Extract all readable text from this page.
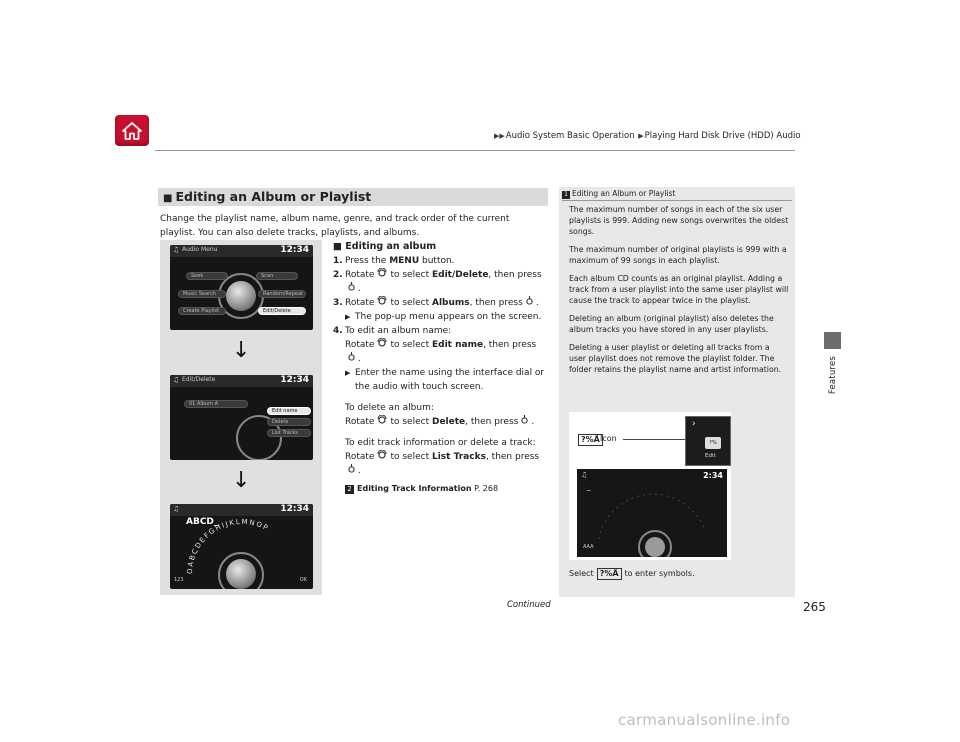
▶▶Audio System Basic Operation ▶Playing Hard Disk Drive (HDD) Audio
Features
■ Editing an Album or Playlist
Change the playlist name, album name, genre, and track order of the current playlist. You can also delete tracks, playlists, and albums.
♫ Audio Menu	12:34
Seek	Scan
Music Search	Random/Repeat
Create Playlist	Edit/Delete
↓
♫ Edit/Delete	12:34
01 Album A
Edit name
Delete
List Tracks
↓
♫	12:34
ABCD_
OABCDEFGHIJKLMNOP
123	OK
■ Editing an album
1. Press the MENU button.
2. Rotate to select Edit/Delete, then press
.
3. Rotate to select Albums, then press .
▶ The pop-up menu appears on the screen.
4. To edit an album name:
Rotate to select Edit name, then press
.
▶ Enter the name using the interface dial or the audio with touch screen.
To delete an album:
Rotate to select Delete, then press .
To edit track information or delete a track:
Rotate to select List Tracks, then press
.
2 Editing Track Information P. 268
1 Editing an Album or Playlist

The maximum number of songs in each of the six user playlists is 999. Adding new songs overwrites the oldest songs.

The maximum number of original playlists is 999 with a maximum of 99 songs in each playlist.

Each album CD counts as an original playlist. Adding a track from a user playlist into the same user playlist will cause the track to appear twice in the playlist.

Deleting an album (original playlist) also deletes the album tracks you have stored in any user playlists.

Deleting a user playlist or deleting all tracks from a user playlist does not remove the playlist folder. The folder retains the playlist name and artist information.

?%Å Icon
♫	2:34
_
AAA
›
?%
Edit
Select ?%Å to enter symbols.
Continued	265
carmanualsonline.info
